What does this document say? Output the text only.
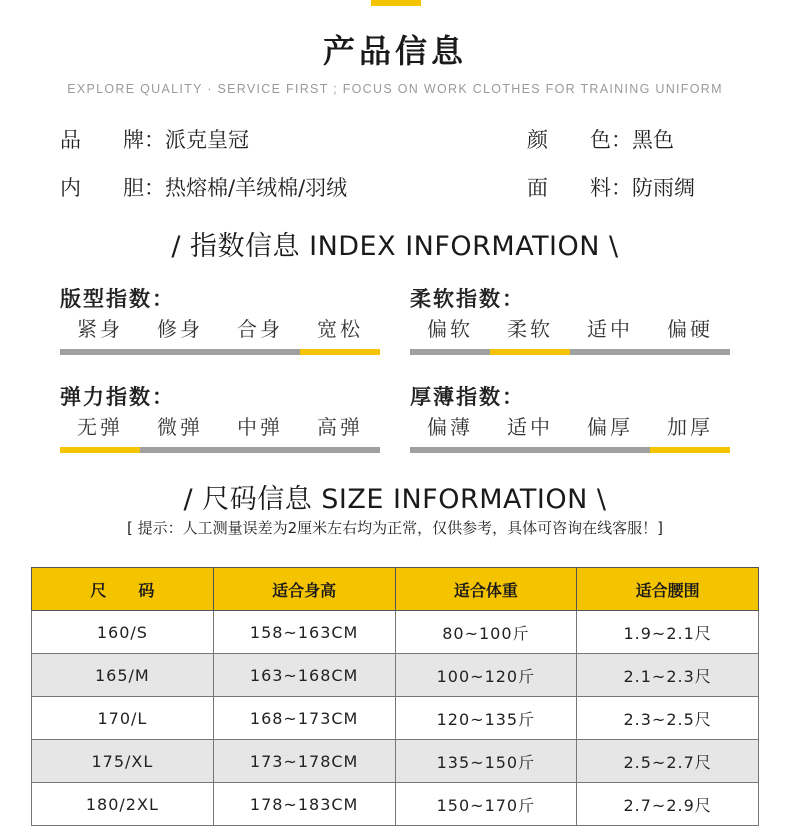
产品信息
EXPLORE QUALITY · SERVICE FIRST ; FOCUS ON WORK CLOTHES FOR TRAINING UNIFORM
品　　牌：派克皇冠	颜　　色：黑色
内　　胆：热熔棉/羊绒棉/羽绒	面　　料：防雨绸
/ 指数信息 INDEX INFORMATION \
版型指数：
紧身	修身	合身	宽松
柔软指数：
偏软	柔软	适中	偏硬
弹力指数：
无弹	微弹	中弹	高弹
厚薄指数：
偏薄	适中	偏厚	加厚
/ 尺码信息 SIZE INFORMATION \
[ 提示：人工测量误差为2厘米左右均为正常，仅供参考，具体可咨询在线客服！]
尺　　码	适合身高	适合体重	适合腰围
160/S	158~163CM	80~100斤	1.9~2.1尺
165/M	163~168CM	100~120斤	2.1~2.3尺
170/L	168~173CM	120~135斤	2.3~2.5尺
175/XL	173~178CM	135~150斤	2.5~2.7尺
180/2XL	178~183CM	150~170斤	2.7~2.9尺
